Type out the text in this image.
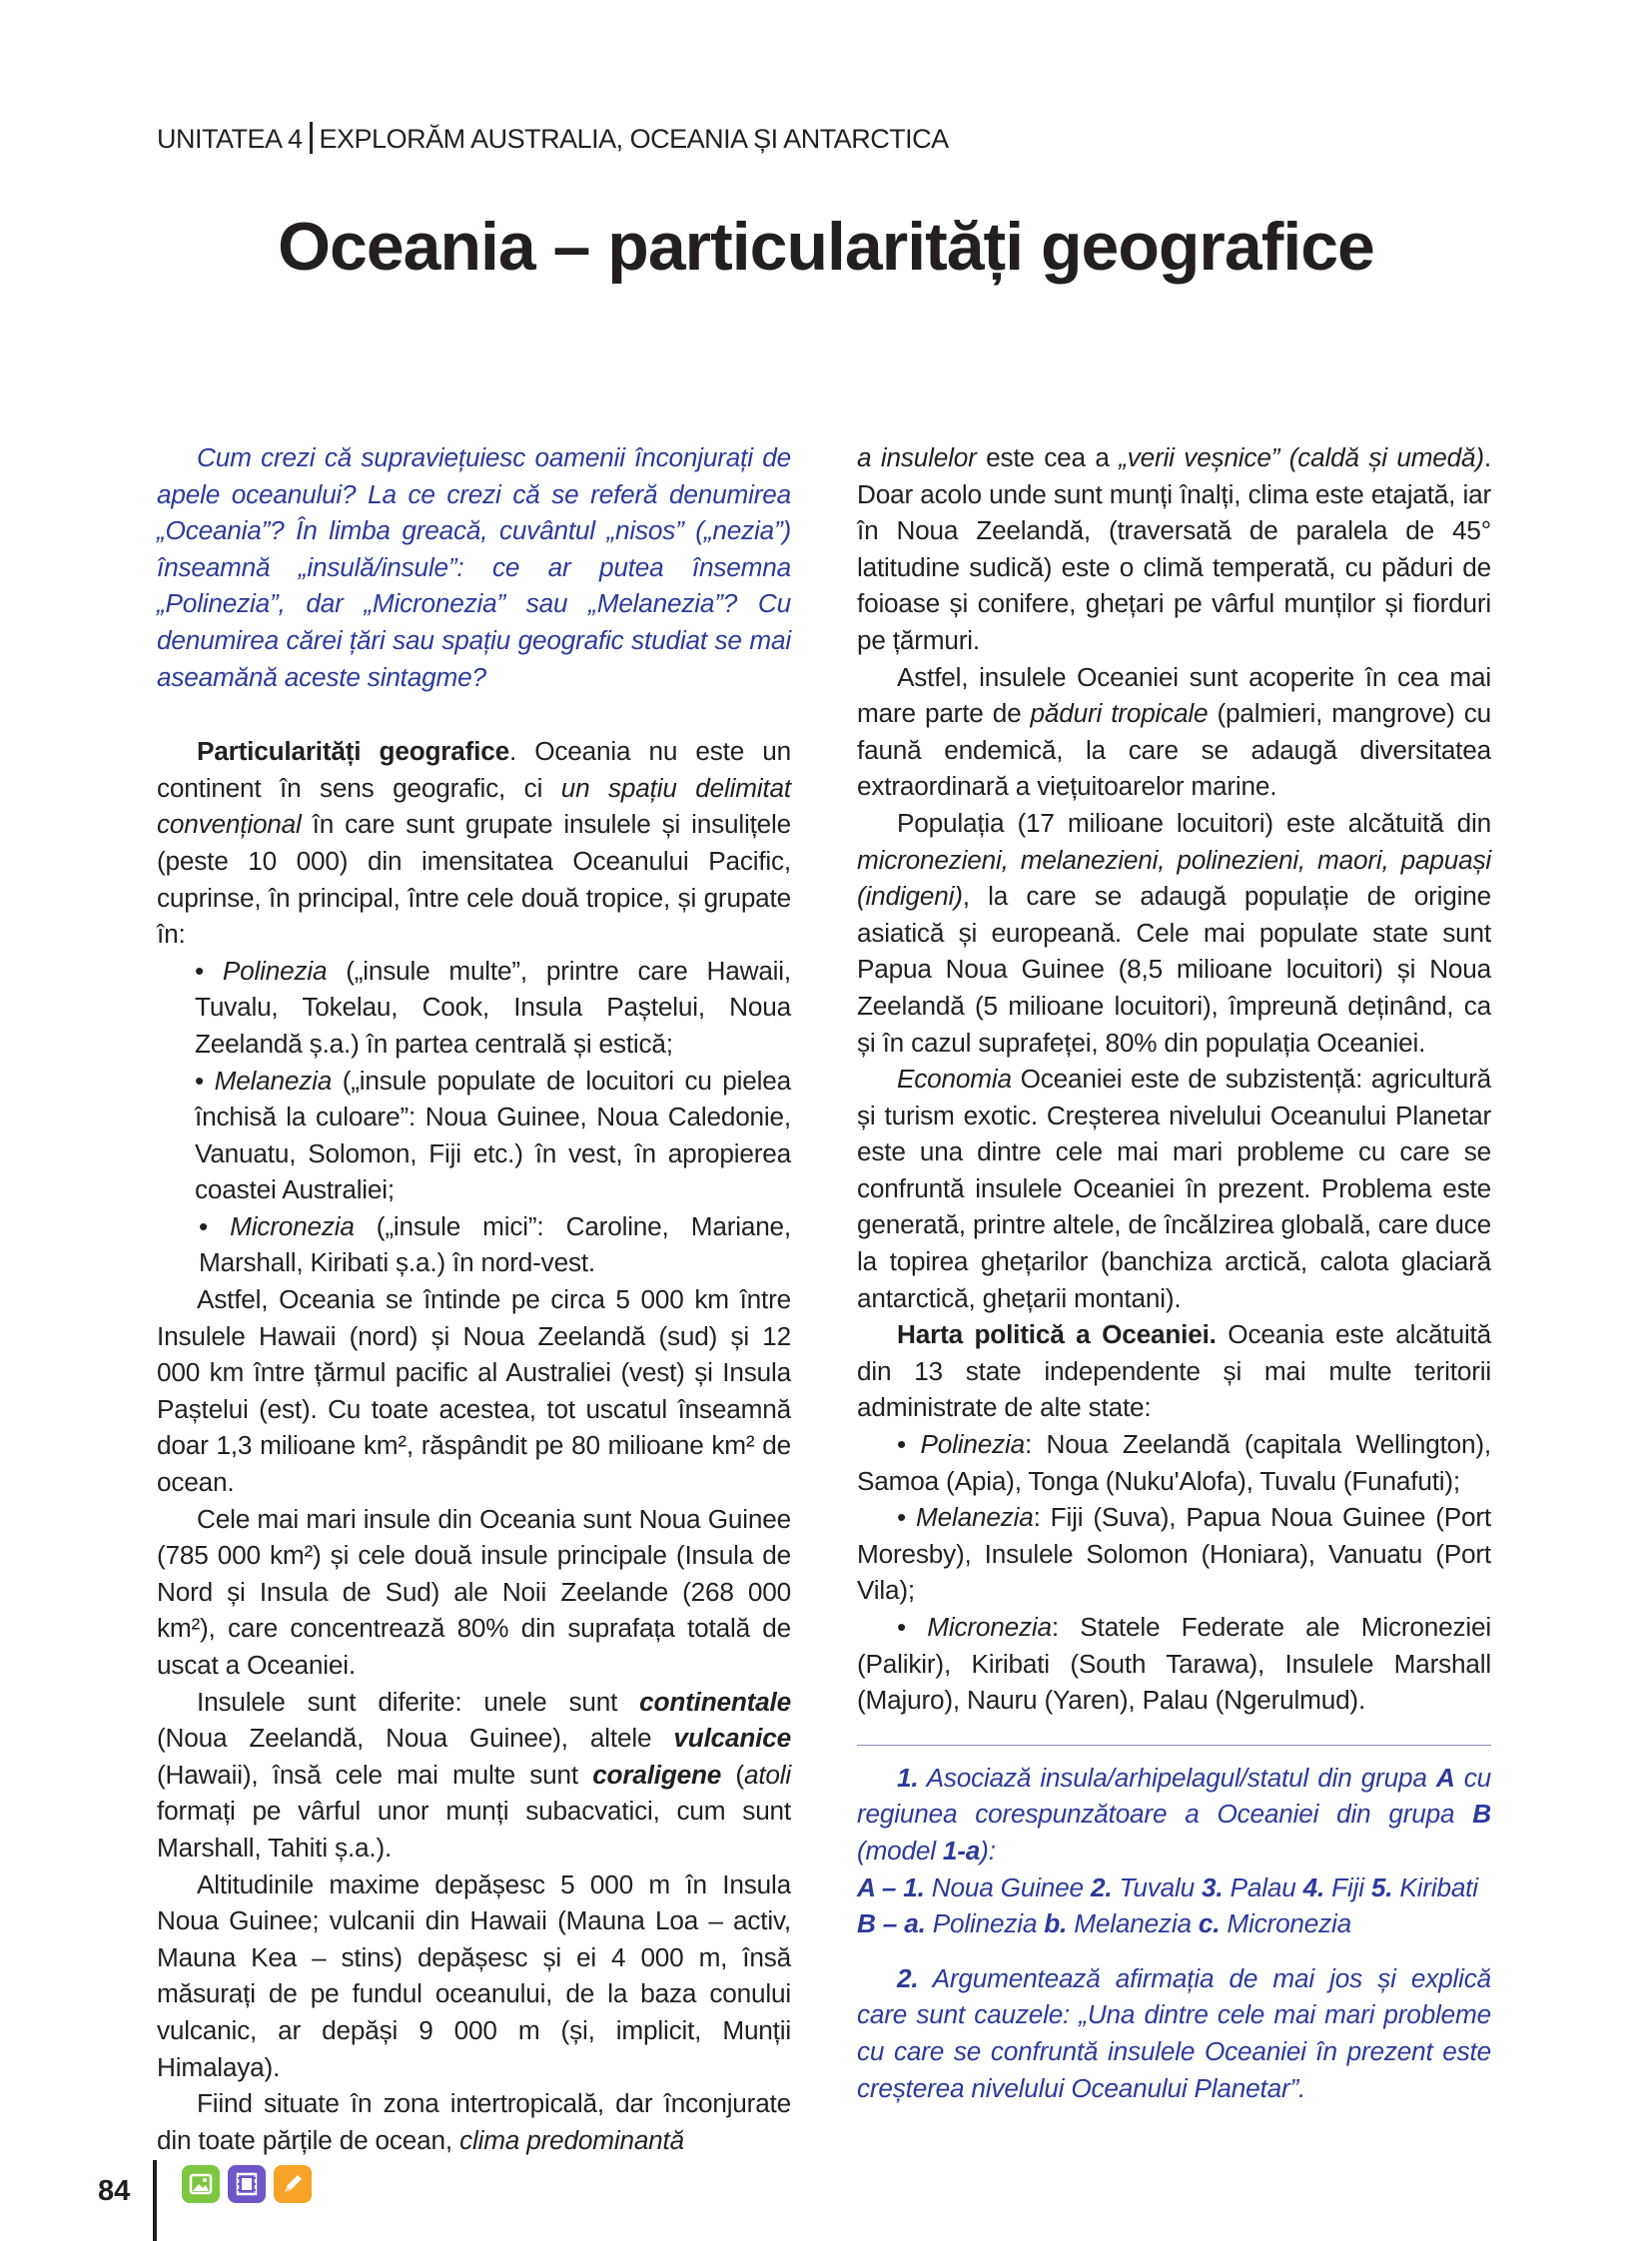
UNITATEA 4 EXPLORĂM AUSTRALIA, OCEANIA ȘI ANTARCTICA
Oceania – particularități geografice

Cum crezi că supraviețuiesc oamenii înconjurați de apele oceanului? La ce crezi că se referă denumirea „Oceania”? În limba greacă, cuvântul „nisos” („nezia”) înseamnă „insulă/insule”: ce ar putea însemna „Polinezia”, dar „Micronezia” sau „Melanezia”? Cu denumirea cărei țări sau spațiu geografic studiat se mai aseamănă aceste sintagme?

Particularități geografice. Oceania nu este un continent în sens geografic, ci un spațiu delimitat convențional în care sunt grupate insulele și insulițele (peste 10 000) din imensitatea Oceanului Pacific, cuprinse, în principal, între cele două tropice, și grupate în:

• Polinezia („insule multe”, printre care Hawaii, Tuvalu, Tokelau, Cook, Insula Paștelui, Noua Zeelandă ș.a.) în partea centrală și estică;

• Melanezia („insule populate de locuitori cu pielea închisă la culoare”: Noua Guinee, Noua Caledonie, Vanuatu, Solomon, Fiji etc.) în vest, în apropierea coastei Australiei;

• Micronezia („insule mici”: Caroline, Mariane, Marshall, Kiribati ș.a.) în nord-vest.

Astfel, Oceania se întinde pe circa 5 000 km între Insulele Hawaii (nord) și Noua Zeelandă (sud) și 12 000 km între țărmul pacific al Australiei (vest) și Insula Paștelui (est). Cu toate acestea, tot uscatul înseamnă doar 1,3 milioane km², răspândit pe 80 milioane km² de ocean.

Cele mai mari insule din Oceania sunt Noua Guinee (785 000 km²) și cele două insule principale (Insula de Nord și Insula de Sud) ale Noii Zeelande (268 000 km²), care concentrează 80% din suprafața totală de uscat a Oceaniei.

Insulele sunt diferite: unele sunt continentale (Noua Zeelandă, Noua Guinee), altele vulcanice (Hawaii), însă cele mai multe sunt coraligene (atoli formați pe vârful unor munți subacvatici, cum sunt Marshall, Tahiti ș.a.).

Altitudinile maxime depășesc 5 000 m în Insula Noua Guinee; vulcanii din Hawaii (Mauna Loa – activ, Mauna Kea – stins) depășesc și ei 4 000 m, însă măsurați de pe fundul oceanului, de la baza conului vulcanic, ar depăși 9 000 m (și, implicit, Munții Himalaya).

Fiind situate în zona intertropicală, dar înconjurate din toate părțile de ocean, clima predominantă

a insulelor este cea a „verii veșnice” (caldă și umedă). Doar acolo unde sunt munți înalți, clima este etajată, iar în Noua Zeelandă, (traversată de paralela de 45° latitudine sudică) este o climă temperată, cu păduri de foioase și conifere, ghețari pe vârful munților și fiorduri pe țărmuri.

Astfel, insulele Oceaniei sunt acoperite în cea mai mare parte de păduri tropicale (palmieri, mangrove) cu faună endemică, la care se adaugă diversitatea extraordinară a viețuitoarelor marine.

Populația (17 milioane locuitori) este alcătuită din micronezieni, melanezieni, polinezieni, maori, papuași (indigeni), la care se adaugă populație de origine asiatică și europeană. Cele mai populate state sunt Papua Noua Guinee (8,5 milioane locuitori) și Noua Zeelandă (5 milioane locuitori), împreună deținând, ca și în cazul suprafeței, 80% din populația Oceaniei.

Economia Oceaniei este de subzistență: agricultură și turism exotic. Creșterea nivelului Oceanului Planetar este una dintre cele mai mari probleme cu care se confruntă insulele Oceaniei în prezent. Problema este generată, printre altele, de încălzirea globală, care duce la topirea ghețarilor (banchiza arctică, calota glaciară antarctică, ghețarii montani).

Harta politică a Oceaniei. Oceania este alcătuită din 13 state independente și mai multe teritorii administrate de alte state:

• Polinezia: Noua Zeelandă (capitala Wellington), Samoa (Apia), Tonga (Nuku'Alofa), Tuvalu (Funafuti);

• Melanezia: Fiji (Suva), Papua Noua Guinee (Port Moresby), Insulele Solomon (Honiara), Vanuatu (Port Vila);

• Micronezia: Statele Federate ale Microneziei (Palikir), Kiribati (South Tarawa), Insulele Marshall (Majuro), Nauru (Yaren), Palau (Ngerulmud).

1. Asociază insula/arhipelagul/statul din grupa A cu regiunea corespunzătoare a Oceaniei din grupa B (model 1-a):

A – 1. Noua Guinee 2. Tuvalu 3. Palau 4. Fiji 5. Kiribati

B – a. Polinezia b. Melanezia c. Micronezia

2. Argumentează afirmația de mai jos și explică care sunt cauzele: „Una dintre cele mai mari probleme cu care se confruntă insulele Oceaniei în prezent este creșterea nivelului Oceanului Planetar”.

84
